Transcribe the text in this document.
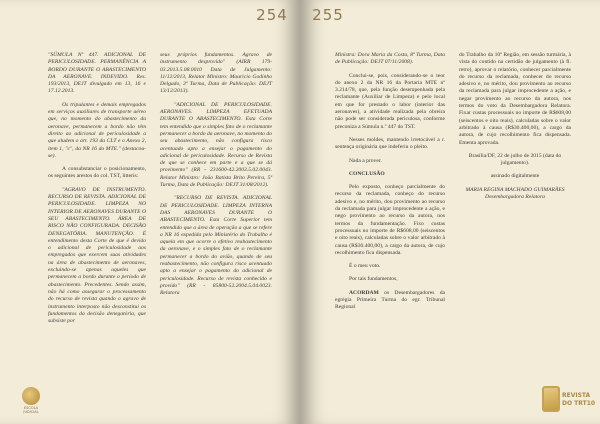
254

"SÚMULA Nº 447. ADICIONAL DE PERICULOSIDADE. PERMANÊNCIA A BORDO DURANTE O ABASTECIMENTO DA AERONAVE. INDEVIDO. Res. 193/2013, DEJT divulgado em 13, 16 e 17.12.2013.

Os tripulantes e demais empregados em serviços auxiliares de transporte aéreo que, no momento do abastecimento da aeronave, permanecem a bordo não têm direito ao adicional de periculosidade a que aludem o art. 193 da CLT e o Anexo 2, item 1, "c", da NR 16 do MTE." (destacou-se).

A consubstanciar o posicionamento, os seguintes arestos do col. TST, litteris:

"AGRAVO DE INSTRUMENTO. RECURSO DE REVISTA. ADICIONAL DE PERICULOSIDADE. LIMPEZA NO INTERIOR DE AERONAVES DURANTE O SEU ABASTECIMENTO. ÁREA DE RISCO NÃO CONFIGURADA. DECISÃO DENEGATÓRIA. MANUTENÇÃO. É entendimento desta Corte de que é devido o adicional de periculosidade aos empregados que exercem suas atividades na área de abastecimento de aeronaves, excluindo-se apenas aqueles que permanecem a bordo durante o período de abastecimento. Precedentes. Sendo assim, não há como assegurar o processamento do recurso de revista quando o agravo de instrumento interposto não desconstitui os fundamentos da decisão denegatória, que subsiste por

seus próprios fundamentos. Agravo de instrumento desprovido" (AIRR 179-03.2013.5.08.0010 Data de Julgamento: 11/12/2013, Relator Ministro: Mauricio Godinho Delgado, 3ª Turma, Data de Publicação: DEJT 13/12/2013).

"ADICIONAL DE PERICULOSIDADE. AERONAVES. LIMPEZA EFETUADA DURANTE O ABASTECIMENTO. Esta Corte tem entendido que o simples fato de o reclamante permanecer a bordo da aeronave, no momento do seu abastecimento, não configura risco acentuado apto a ensejar o pagamento do adicional de periculosidade. Recurso de Revista de que se conhece em parte e a que se dá provimento" (RR - 231600-42.2003.5.02.0043. Relator Ministro: João Batista Brito Pereira, 5ª Turma, Data de Publicação: DEJT 31/08/2012).

"RECURSO DE REVISTA. ADICIONAL DE PERICULOSIDADE. LIMPEZA INTERNA DAS AERONAVES DURANTE O ABASTECIMENTO. Esta Corte Superior tem entendido que a área de operação a que se refere a NR 16 expedida pelo Ministério do Trabalho é aquela em que ocorre o efetivo reabastecimento da aeronave, e o simples fato de o reclamante permanecer a bordo do avião, quando de seu reabastecimento, não configura risco acentuado apto a ensejar o pagamento do adicional de periculosidade. Recurso de revista conhecido e provido" (RR - 85800-52.2004.5.04.0023. Relatora

ESCOLA JUDICIAL
255

Ministra: Dora Maria da Costa, 8ª Turma, Data de Publicação: DEJT 07/11/2008).

Conclui-se, pois, considerando-se o teor do anexo 2 da NR 16 da Portaria MTE nº 3.214/78, que, pela função desempenhada pela reclamante (Auxiliar de Limpeza) e pelo local em que for prestado o labor (interior das aeronaves), a atividade realizada pela obreira não pode ser considerada periculosa, conforme preconiza a Súmula n.º 447 do TST.

Nesses moldes, mantendo irretocável a r. sentença originária que indeferiu o pleito.

Nada a prover.

CONCLUSÃO

Pelo exposto, conheço parcialmente do recurso da reclamada, conheço do recurso adesivo e, no mérito, dou provimento ao recurso da reclamada para julgar improcedente a ação, e nego provimento ao recurso da autora, nos termos da fundamentação. Fixo custas processuais no importe de R$608,00 (seiscentos e oito reais), calculadas sobre o valor arbitrado à causa (R$30.400,00), a cargo da autora, de cujo recolhimento fica dispensada.

É o meu voto.

Por tais fundamentos,

ACORDAM os Desembargadores da egrégia Primeira Turma do egr. Tribunal Regional

do Trabalho da 10ª Região, em sessão turmária, à vista do contido na certidão de julgamento (à fl. retro), aprovar o relatório, conhecer parcialmente do recurso da reclamada, conhecer do recurso adesivo e, no mérito, dou provimento ao recurso da reclamada para julgar improcedente a ação, e negar provimento ao recurso da autora, nos termos do voto da Desembargadora Relatora. Fixar custas processuais no importe de R$608,00 (seiscentos e oito reais), calculadas sobre o valor arbitrado à causa (R$30.400,00), a cargo da autora, de cujo recolhimento fica dispensada. Ementa aprovada.

Brasília/DF, 22 de julho de 2015 (data do julgamento).

assinado digitalmente

MARIA REGINA MACHADO GUIMARÃES
Desembargadora Relatora
REVISTA
DO TRT10
